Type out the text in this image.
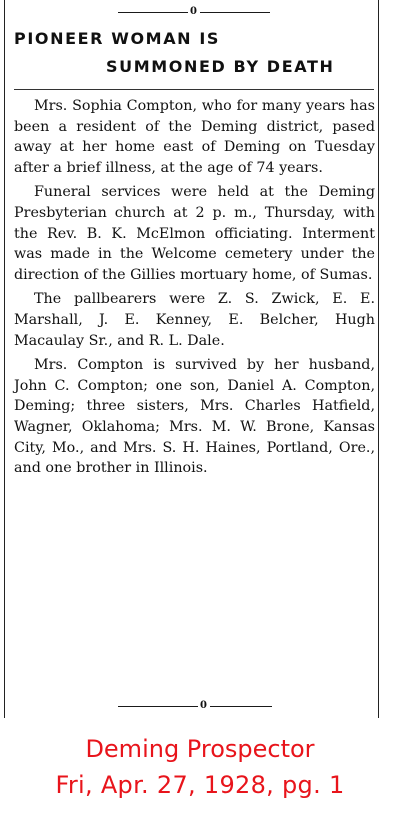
0
PIONEER WOMAN IS
SUMMONED BY DEATH

Mrs. Sophia Compton, who for many years has been a resident of the Deming district, pased away at her home east of Deming on Tuesday after a brief illness, at the age of 74 years.

Funeral services were held at the Deming Presbyterian church at 2 p. m., Thursday, with the Rev. B. K. McElmon officiating. Interment was made in the Welcome cemetery under the direction of the Gillies mortuary home, of Sumas.

The pallbearers were Z. S. Zwick, E. E. Marshall, J. E. Kenney, E. Belcher, Hugh Macaulay Sr., and R. L. Dale.

Mrs. Compton is survived by her husband, John C. Compton; one son, Daniel A. Compton, Deming; three sisters, Mrs. Charles Hatfield, Wagner, Oklahoma; Mrs. M. W. Brone, Kansas City, Mo., and Mrs. S. H. Haines, Portland, Ore., and one brother in Illinois.

0
Deming Prospector
Fri, Apr. 27, 1928, pg. 1
